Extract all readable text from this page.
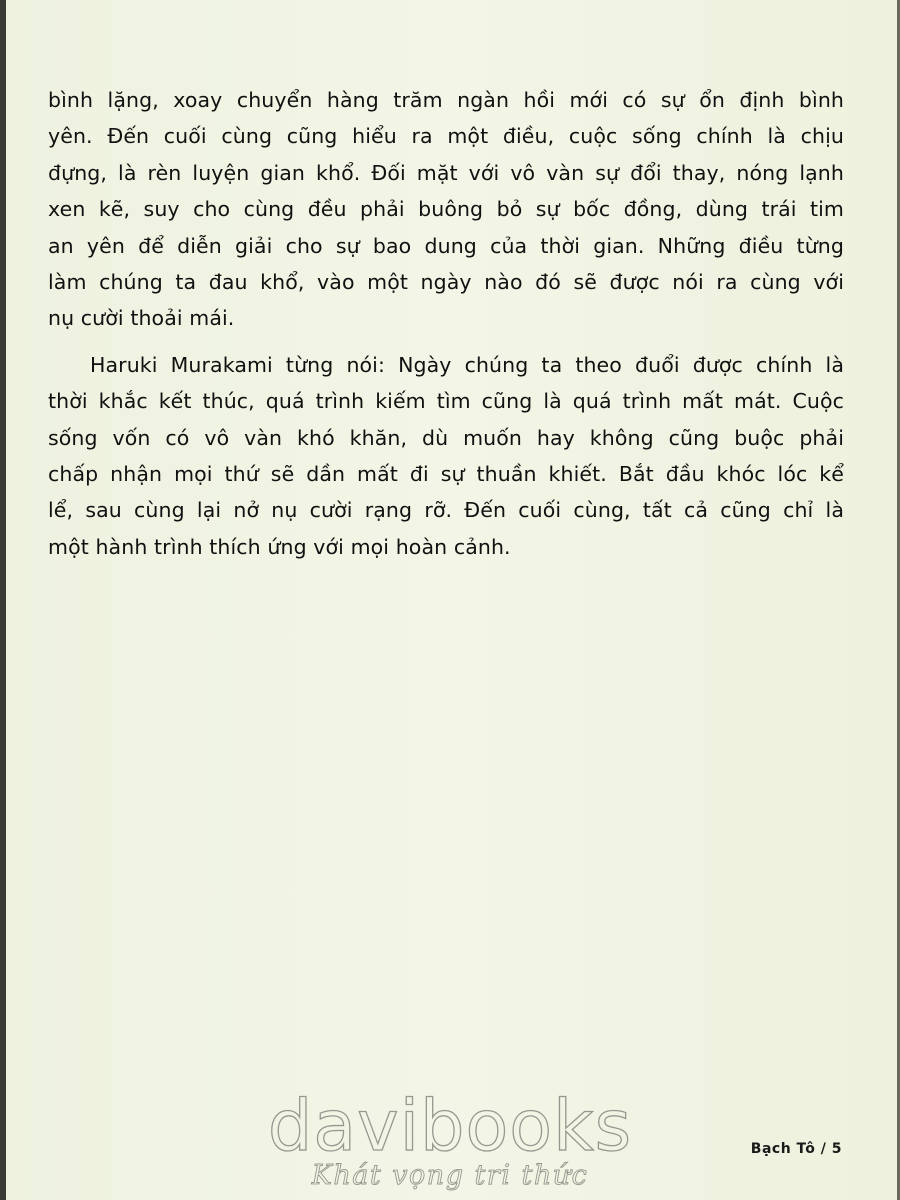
bình lặng, xoay chuyển hàng trăm ngàn hồi mới có sự ổn định bình
yên. Đến cuối cùng cũng hiểu ra một điều, cuộc sống chính là chịu
đựng, là rèn luyện gian khổ. Đối mặt với vô vàn sự đổi thay, nóng lạnh
xen kẽ, suy cho cùng đều phải buông bỏ sự bốc đồng, dùng trái tim
an yên để diễn giải cho sự bao dung của thời gian. Những điều từng
làm chúng ta đau khổ, vào một ngày nào đó sẽ được nói ra cùng với
nụ cười thoải mái.
Haruki Murakami từng nói: Ngày chúng ta theo đuổi được chính là
thời khắc kết thúc, quá trình kiếm tìm cũng là quá trình mất mát. Cuộc
sống vốn có vô vàn khó khăn, dù muốn hay không cũng buộc phải
chấp nhận mọi thứ sẽ dần mất đi sự thuần khiết. Bắt đầu khóc lóc kể
lể, sau cùng lại nở nụ cười rạng rỡ. Đến cuối cùng, tất cả cũng chỉ là
một hành trình thích ứng với mọi hoàn cảnh.
Bạch Tô / 5
davibooks
Khát vọng tri thức
